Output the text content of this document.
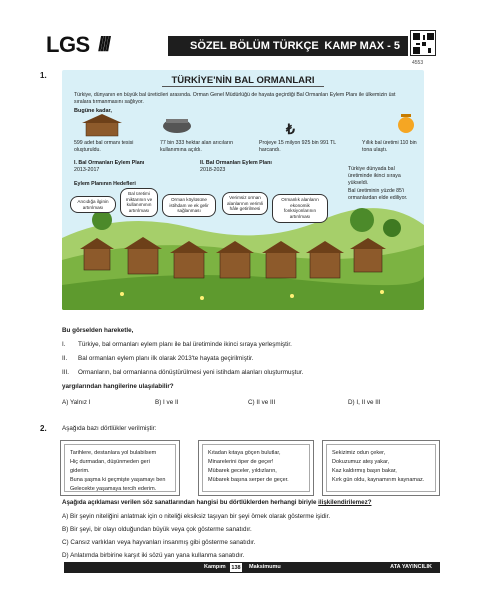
LGS ////	SÖZEL BÖLÜM TÜRKÇE KAMP MAX - 5
4553
1.	TÜRKİYE'NİN BAL ORMANLARI
Türkiye, dünyanın en büyük bal üreticileri arasında. Orman Genel Müdürlüğü de hayata geçirdiği Bal Ormanları Eylem Planı ile ülkemizin üst sıralara tırmanmasını sağlıyor.
Bugüne kadar,
599 adet bal ormanı tesisi oluşturuldu.
77 bin 333 hektar alan arıcıların kullanımına açıldı.
Projeye 15 milyon 925 bin 991 TL harcandı.
Yıllık bal üretimi 110 bin tona ulaştı.
₺
I. Bal Ormanları Eylem Planı
2013-2017
II. Bal Ormanları Eylem Planı
2018-2023
Eylem Planının Hedefleri
Ancıdığa ilginin artırılması
Bal üretimi miktarının ve kullanımının artırılması
Orman köylüsüne istihdam ve ek gelir sağlanması
Verimsiz orman alanlarının verimli hâle getirilmesi
Ormanlık alanların ekonomik fonksiyonlarının artırılması
Türkiye dünyada bal üretiminde ikinci sıraya yükseldi.
Bal üretiminin yüzde 85'i ormanlardan elde ediliyor.
Bu görselden hareketle,
I. Türkiye, bal ormanları eylem planı ile bal üretiminde ikinci sıraya yerleşmiştir.
II. Bal ormanları eylem planı ilk olarak 2013'te hayata geçirilmiştir.
III. Ormanların, bal ormanlarına dönüştürülmesi yeni istihdam alanları oluşturmuştur.
yargılarından hangilerine ulaşılabilir?
A) Yalnız I	B) I ve II	C) II ve III	D) I, II ve III
2. Aşağıda bazı dörtlükler verilmiştir:
Tarihlere, destanlara yol bulabilsem
Hiç durmadan, düşünmeden geri giderim.
Buna şaşma ki geçmişte yaşamayı ben
Gelecekte yaşamaya tercih ederim.
Kıtadan kıtaya göçen bulutlar,
Minarelerini öper de geçer!
Mübarek geceler, yıldızların,
Mübarek başına serper de geçer.
Sekizimiz odun çeker,
Dokuzumuz ateş yakar,
Kaz kaldırmış başın bakar,
Kırk gün oldu, kaynamırım kaynamaz.
Aşağıda açıklaması verilen söz sanatlarından hangisi bu dörtlüklerden herhangi biriyle ilişkilendirilemez?
A) Bir şeyin niteliğini anlatmak için o niteliği eksiksiz taşıyan bir şeyi örnek olarak gösterme işidir.
B) Bir şeyi, bir olayı olduğundan büyük veya çok gösterme sanatıdır.
C) Cansız varlıkları veya hayvanları insanmış gibi gösterme sanatıdır.
D) Anlatımda birbirine karşıt iki sözü yan yana kullanma sanatıdır.
Kampım	138	Maksimumu	ATA YAYINCILIK
